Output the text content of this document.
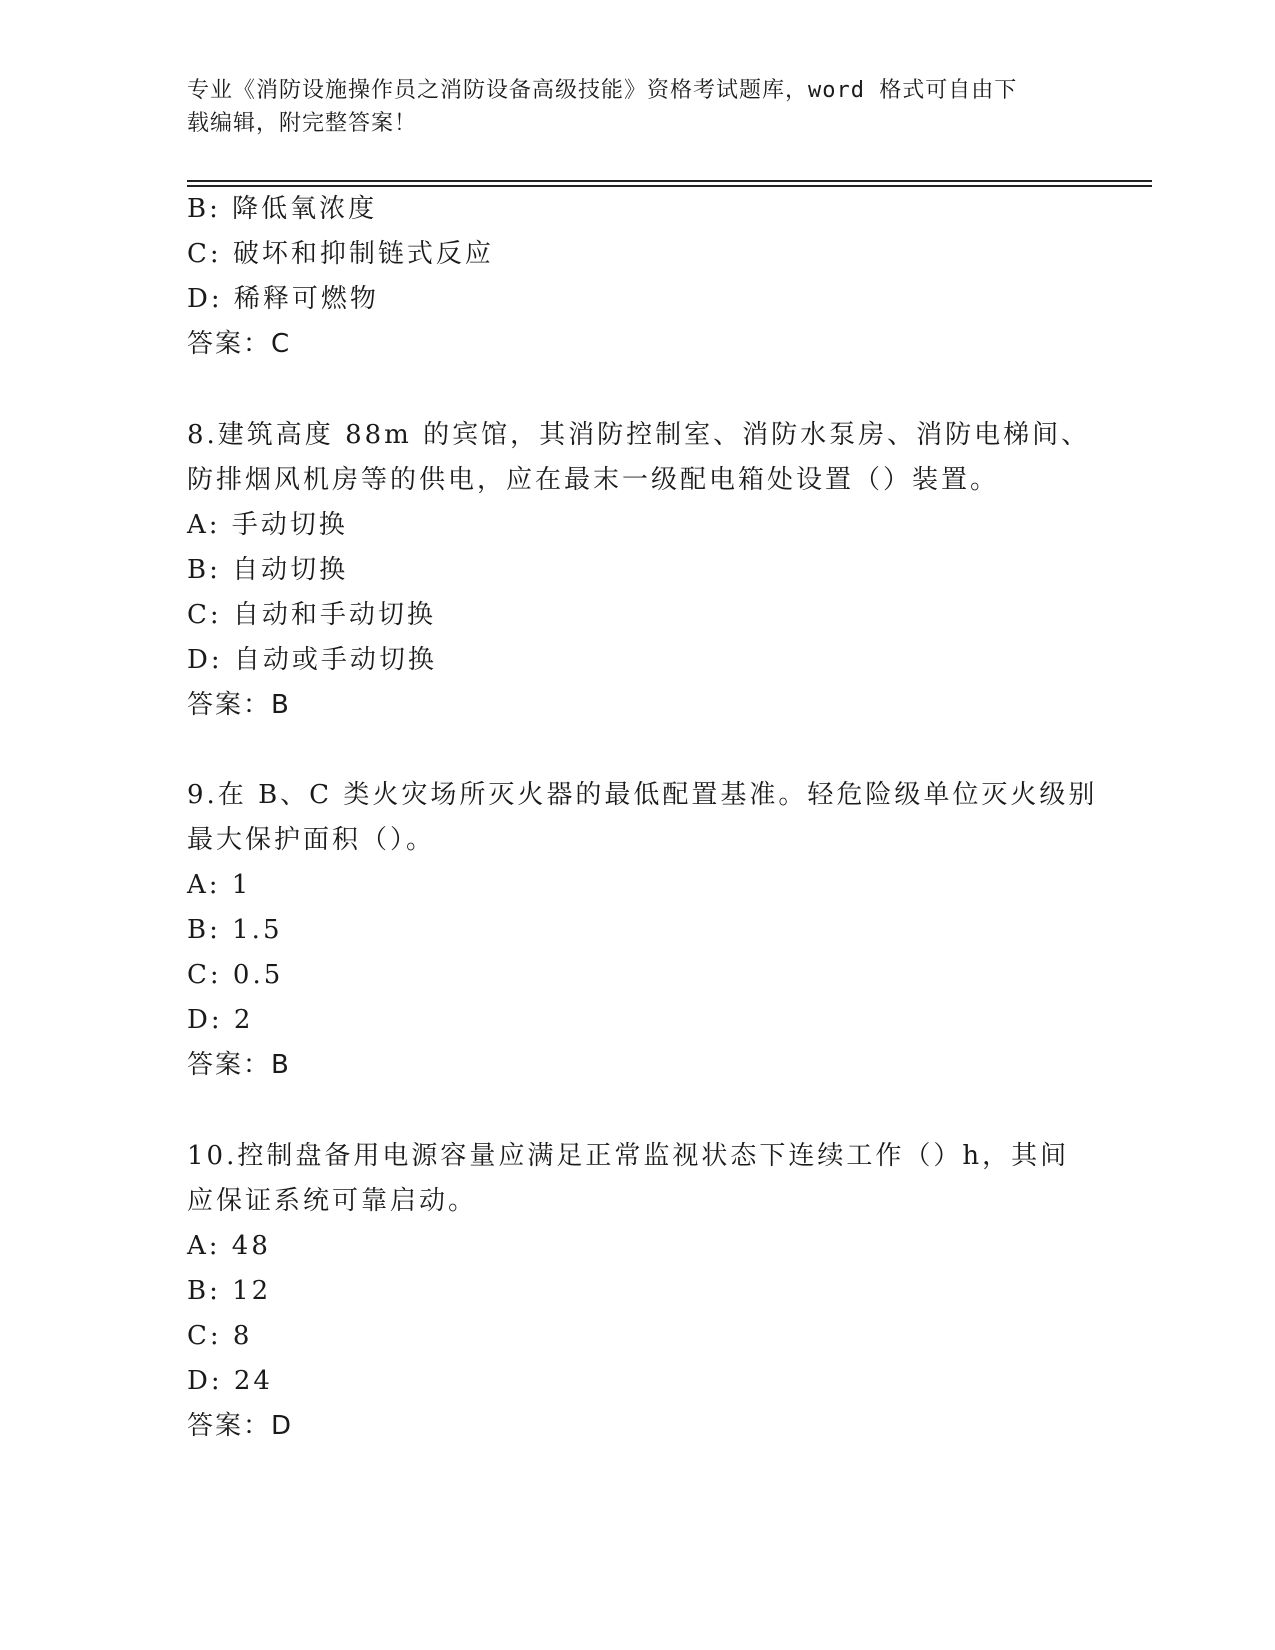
专业《消防设施操作员之消防设备高级技能》资格考试题库，word 格式可自由下
载编辑，附完整答案！
B: 降低氧浓度
C: 破坏和抑制链式反应
D: 稀释可燃物
答案：C
8.建筑高度 88m 的宾馆，其消防控制室、消防水泵房、消防电梯间、
防排烟风机房等的供电，应在最末一级配电箱处设置（）装置。
A: 手动切换
B: 自动切换
C: 自动和手动切换
D: 自动或手动切换
答案：B
9.在 B、C 类火灾场所灭火器的最低配置基准。轻危险级单位灭火级别
最大保护面积（）。
A: 1
B: 1.5
C: 0.5
D: 2
答案：B
10.控制盘备用电源容量应满足正常监视状态下连续工作（）h，其间
应保证系统可靠启动。
A: 48
B: 12
C: 8
D: 24
答案：D
